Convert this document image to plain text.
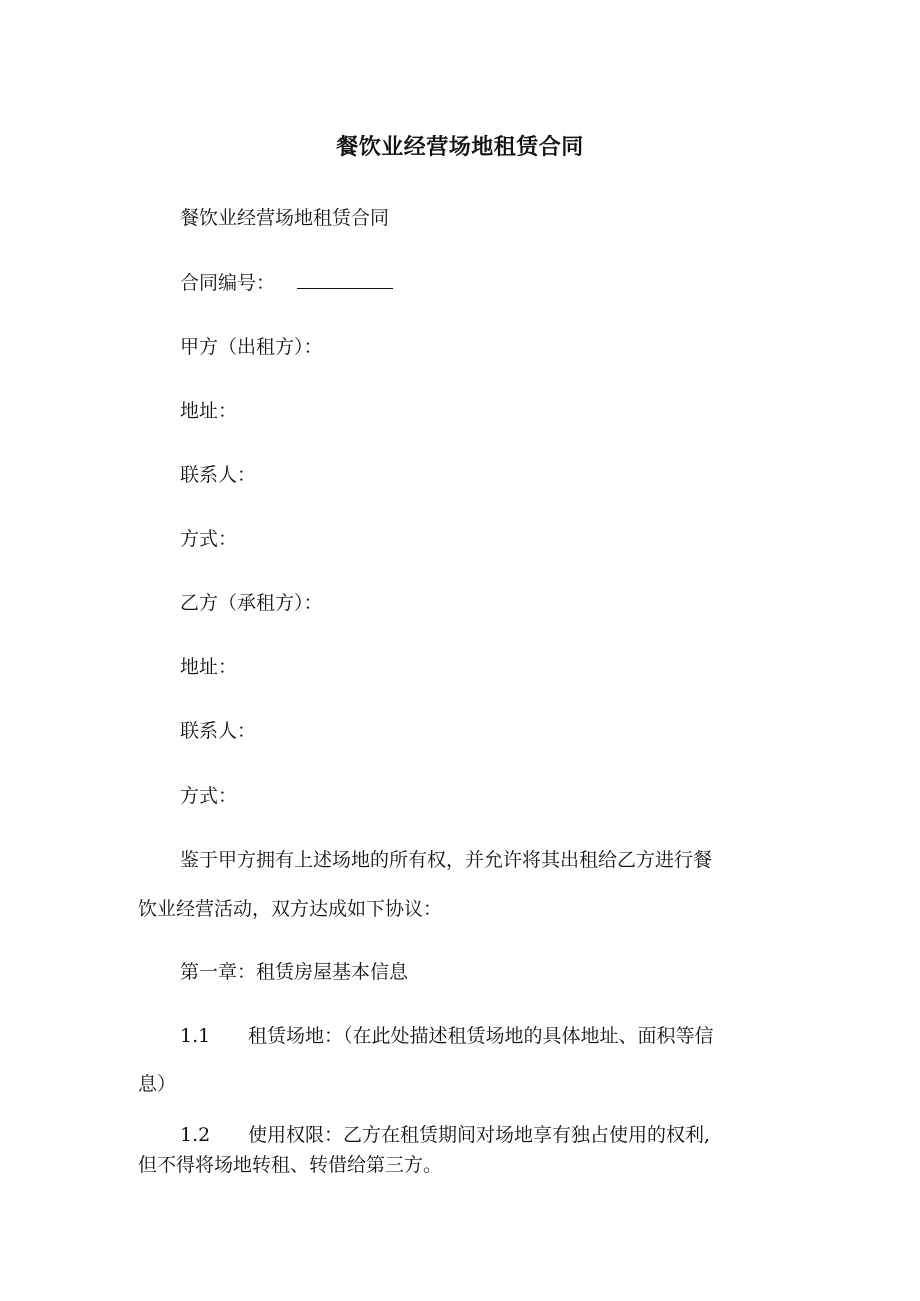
餐饮业经营场地租赁合同
餐饮业经营场地租赁合同
合同编号：
甲方（出租方）：
地址：
联系人：
方式：
乙方（承租方）：
地址：
联系人：
方式：
鉴于甲方拥有上述场地的所有权，并允许将其出租给乙方进行餐
饮业经营活动，双方达成如下协议：
第一章：租赁房屋基本信息
1.1 租赁场地：（在此处描述租赁场地的具体地址、面积等信
息）
1.2 使用权限：乙方在租赁期间对场地享有独占使用的权利,
但不得将场地转租、转借给第三方。
